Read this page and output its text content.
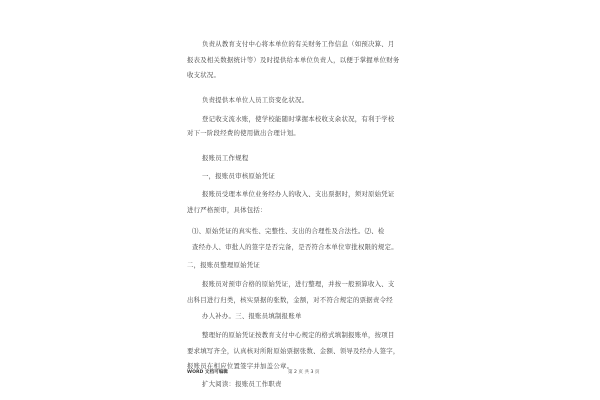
负责从教育支付中心将本单位的有关财务工作信息（如预决算、月
报表及相关数据统计等）及时提供给本单位负责人，以便于掌握单位财务
收支状况。
负责提供本单位人员工资变化状况。
登记收支流水账，使学校能随时掌握本校收支余状况，有利于学校
对下一阶段经费的使用做出合理计划。
报账员工作规程
一，报账员审核原始凭证
报账员受理本单位业务经办人的收入、支出票据时，须对原始凭证
进行严格预审，具体包括：
⑴、原始凭证的真实性、完整性、支出的合理性及合法性。⑵、检
查经办人、审批人的签字是否完备，是否符合本单位审批权限的规定。
二，报账员整理原始凭证
报账员对预审合格的原始凭证，进行整理，并按一般预算收入、支
出科目进行归类，核实票据的张数，金额，对不符合规定的票据责令经
办人补办。三、报账员填制报账单
整理好的原始凭证按教育支付中心规定的格式填制报账单，按项目
要求填写齐全，认真核对所附原始票据张数、金额、领导及经办人签字，
报账员在相应位置签字并加盖公章。
扩大阅读：报账员工作职责
WORD 文档可编辑	第 2 页 共 3 页
